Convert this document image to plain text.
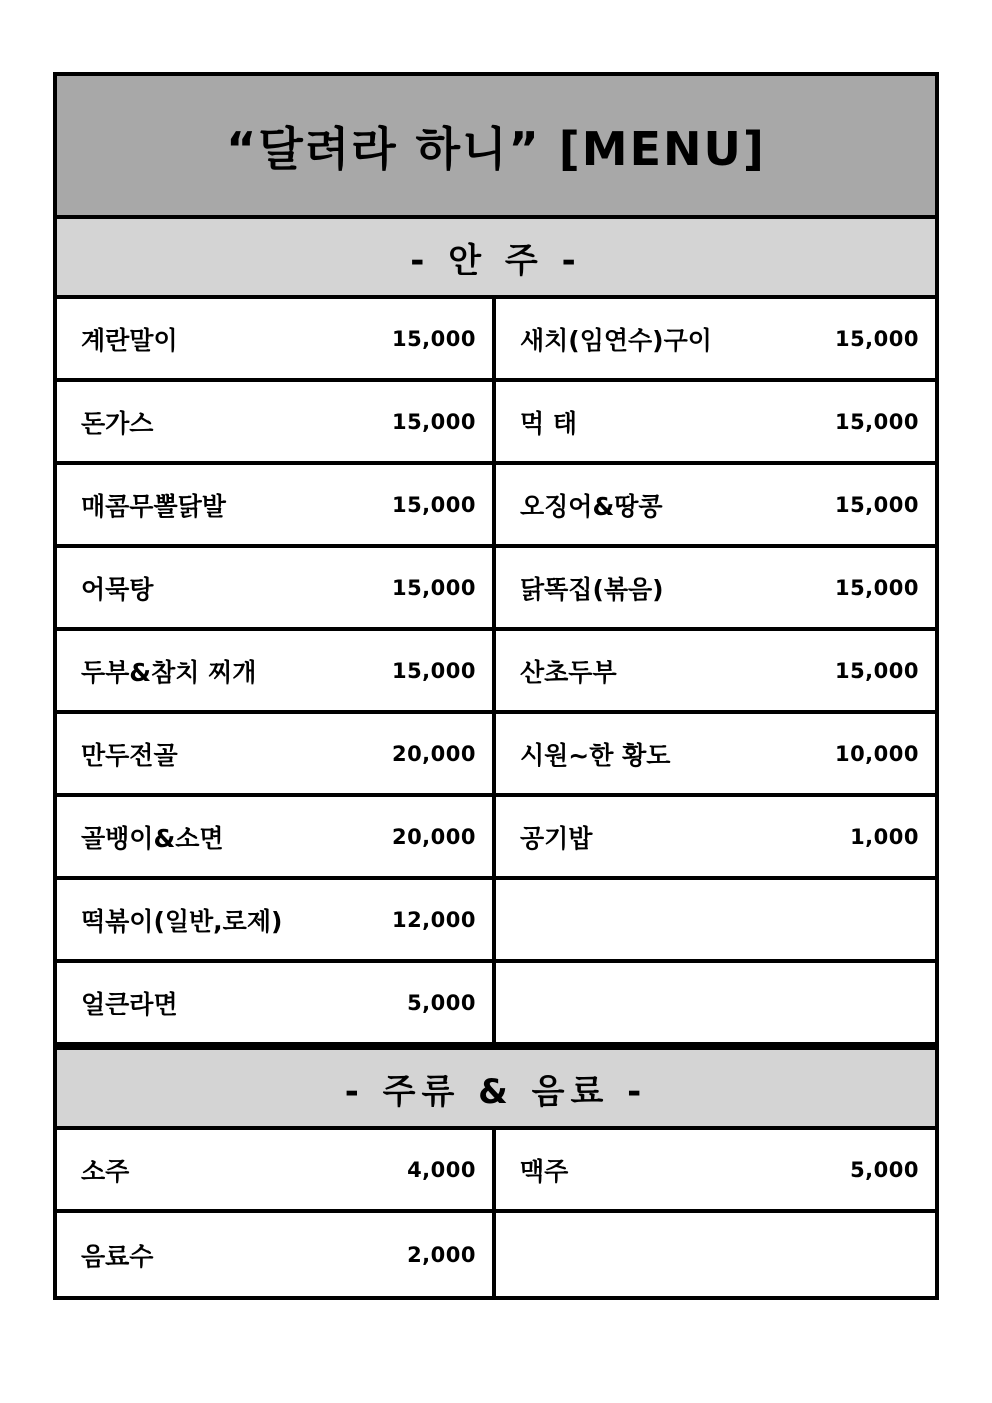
“달려라 하니” [MENU]
- 안 주 -
계란말이	15,000 새치(임연수)구이	15,000
돈가스	15,000 먹 태	15,000
매콤무뽈닭발	15,000 오징어&땅콩	15,000
어묵탕	15,000 닭똑집(볶음)	15,000
두부&참치 찌개	15,000 산초두부	15,000
만두전골	20,000 시원~한 황도	10,000
골뱅이&소면	20,000 공기밥	1,000
떡볶이(일반,로제)	12,000
얼큰라면	5,000
- 주류 & 음료 -
소주	4,000 맥주	5,000
음료수	2,000
